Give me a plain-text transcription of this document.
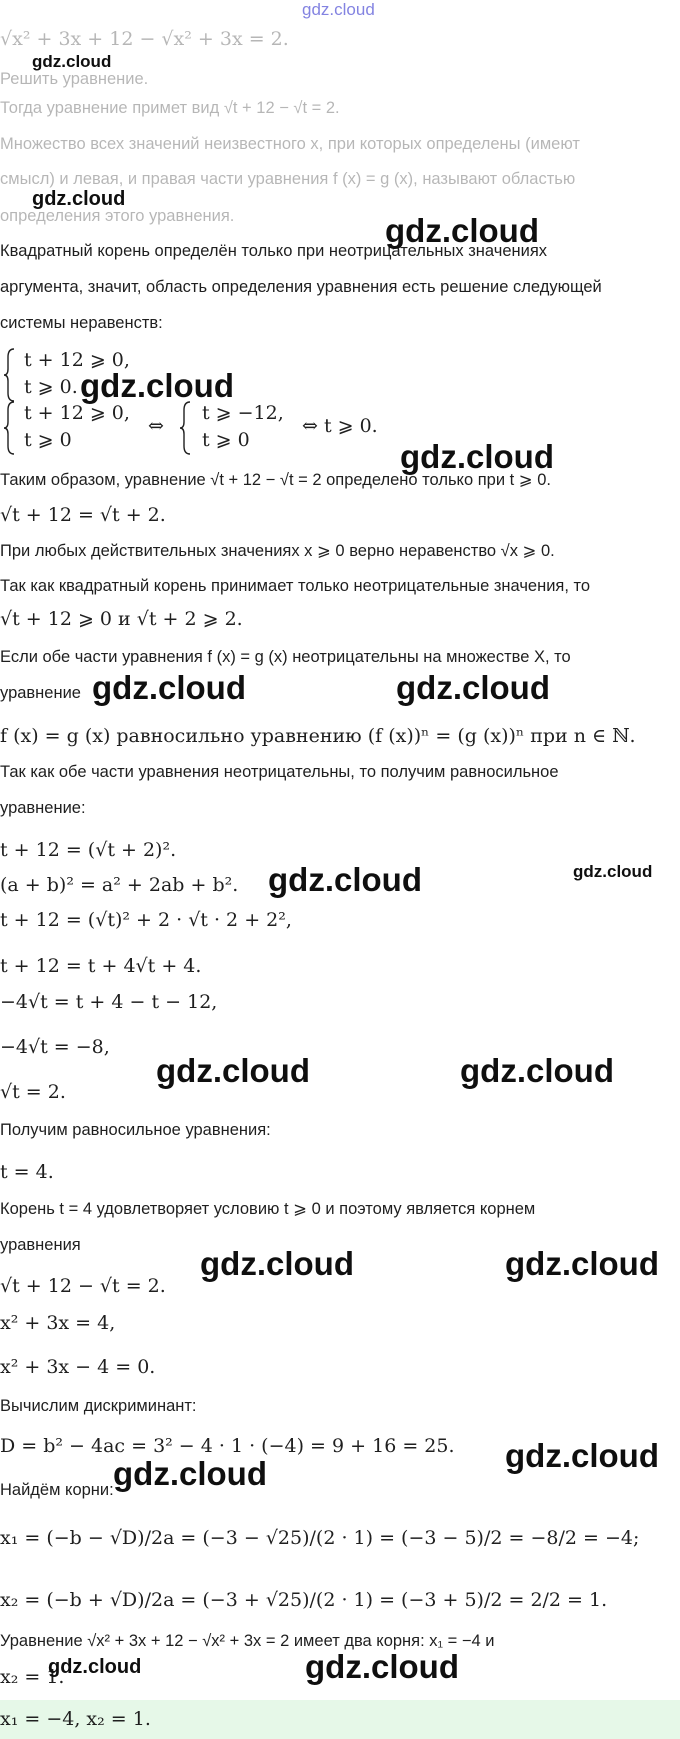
gdz.cloud
√x² + 3x + 12 − √x² + 3x = 2.
Решить уравнение.
Тогда уравнение примет вид √t + 12 − √t = 2.
Множество всех значений неизвестного x, при которых определены (имеют
смысл) и левая, и правая части уравнения f (x) = g (x), называют областью
определения этого уравнения.
Квадратный корень определён только при неотрицательных значениях
аргумента, значит, область определения уравнения есть решение следующей
системы неравенств:
t + 12 ⩾ 0,
t ⩾ 0.
t + 12 ⩾ 0,
t ⩾ 0
⇔
t ⩾ −12,
t ⩾ 0
⇔ t ⩾ 0.
Таким образом, уравнение √t + 12 − √t = 2 определено только при t ⩾ 0.
√t + 12 = √t + 2.
При любых действительных значениях x ⩾ 0 верно неравенство √x ⩾ 0.
Так как квадратный корень принимает только неотрицательные значения, то
√t + 12 ⩾ 0 и √t + 2 ⩾ 2.
Если обе части уравнения f (x) = g (x) неотрицательны на множестве X, то
уравнение
f (x) = g (x) равносильно уравнению (f (x))ⁿ = (g (x))ⁿ при n ∈ ℕ.
Так как обе части уравнения неотрицательны, то получим равносильное
уравнение:
t + 12 = (√t + 2)².
(a + b)² = a² + 2ab + b².
t + 12 = (√t)² + 2 · √t · 2 + 2²,
t + 12 = t + 4√t + 4.
−4√t = t + 4 − t − 12,
−4√t = −8,
√t = 2.
Получим равносильное уравнения:
t = 4.
Корень t = 4 удовлетворяет условию t ⩾ 0 и поэтому является корнем
уравнения
√t + 12 − √t = 2.
x² + 3x = 4,
x² + 3x − 4 = 0.
Вычислим дискриминант:
D = b² − 4ac = 3² − 4 · 1 · (−4) = 9 + 16 = 25.
Найдём корни:
x₁ = (−b − √D)/2a = (−3 − √25)/(2 · 1) = (−3 − 5)/2 = −8/2 = −4;
x₂ = (−b + √D)/2a = (−3 + √25)/(2 · 1) = (−3 + 5)/2 = 2/2 = 1.
Уравнение √x² + 3x + 12 − √x² + 3x = 2 имеет два корня: x₁ = −4 и
x₂ = 1.
x₁ = −4, x₂ = 1.
gdz.cloud
gdz.cloud
gdz.cloud
gdz.cloud
gdz.cloud
gdz.cloud	gdz.cloud
gdz.cloud	gdz.cloud
gdz.cloud	gdz.cloud
gdz.cloud	gdz.cloud
gdz.cloud
gdz.cloud
gdz.cloud	gdz.cloud
